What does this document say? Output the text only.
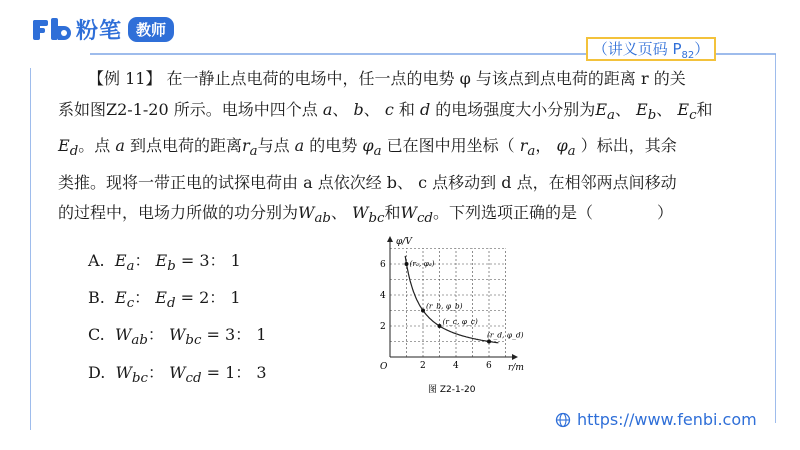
粉笔 教师
（讲义页码 $P_{82}$）

【例 11】 在一静止点电荷的电场中，任一点的电势 φ 与该点到点电荷的距离 r 的关

系如图Z2-1-20 所示。电场中四个点 a、 b、 c 和 d 的电场强度大小分别为$E_a$、 $E_b$、 $E_c$和
$E_d$。点 a 到点电荷的距离$r_a$与点 a 的电势 $\varphi_a$ 已在图中用坐标（ $r_a$， $\varphi_a$ ）标出，其余
类推。现将一带正电的试探电荷由 a 点依次经 b、 c 点移动到 d 点，在相邻两点间移动
的过程中，电场力所做的功分别为$W_{ab}$、 $W_{bc}$和$W_{cd}$。下列选项正确的是（　　　　）
A. $E_a$： $E_b = 3$： 1
B. $E_c$： $E_d = 2$： 1
C. $W_{ab}$： $W_{bc} = 3$： 1
D. $W_{bc}$： $W_{cd} = 1$： 3
φ/V
r/m
O	2	4	6
2
4
6	(rₐ, φₐ)
(r_b, φ_b)
(r_c, φ_c)
(r_d, φ_d)
图 Z2-1-20
https://www.fenbi.com
